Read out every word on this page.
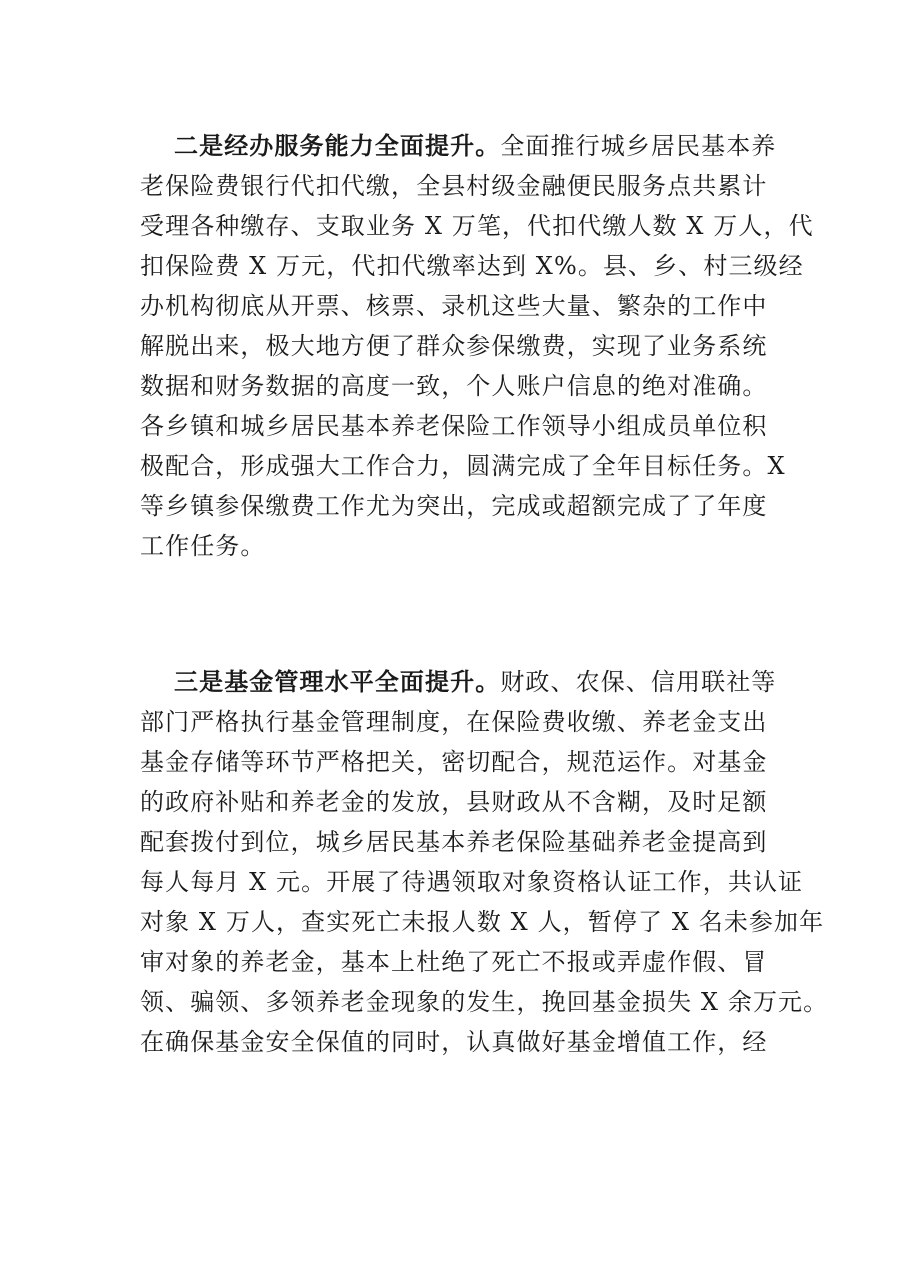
二是经办服务能力全面提升。全面推行城乡居民基本养
老保险费银行代扣代缴，全县村级金融便民服务点共累计
受理各种缴存、支取业务 X 万笔，代扣代缴人数 X 万人，代
扣保险费 X 万元，代扣代缴率达到 X%。县、乡、村三级经
办机构彻底从开票、核票、录机这些大量、繁杂的工作中
解脱出来，极大地方便了群众参保缴费，实现了业务系统
数据和财务数据的高度一致，个人账户信息的绝对准确。
各乡镇和城乡居民基本养老保险工作领导小组成员单位积
极配合，形成强大工作合力，圆满完成了全年目标任务。X
等乡镇参保缴费工作尤为突出，完成或超额完成了了年度
工作任务。
三是基金管理水平全面提升。财政、农保、信用联社等
部门严格执行基金管理制度，在保险费收缴、养老金支出
基金存储等环节严格把关，密切配合，规范运作。对基金
的政府补贴和养老金的发放，县财政从不含糊，及时足额
配套拨付到位，城乡居民基本养老保险基础养老金提高到
每人每月 X 元。开展了待遇领取对象资格认证工作，共认证
对象 X 万人，查实死亡未报人数 X 人，暂停了 X 名未参加年
审对象的养老金，基本上杜绝了死亡不报或弄虚作假、冒
领、骗领、多领养老金现象的发生，挽回基金损失 X 余万元。
在确保基金安全保值的同时，认真做好基金增值工作，经
